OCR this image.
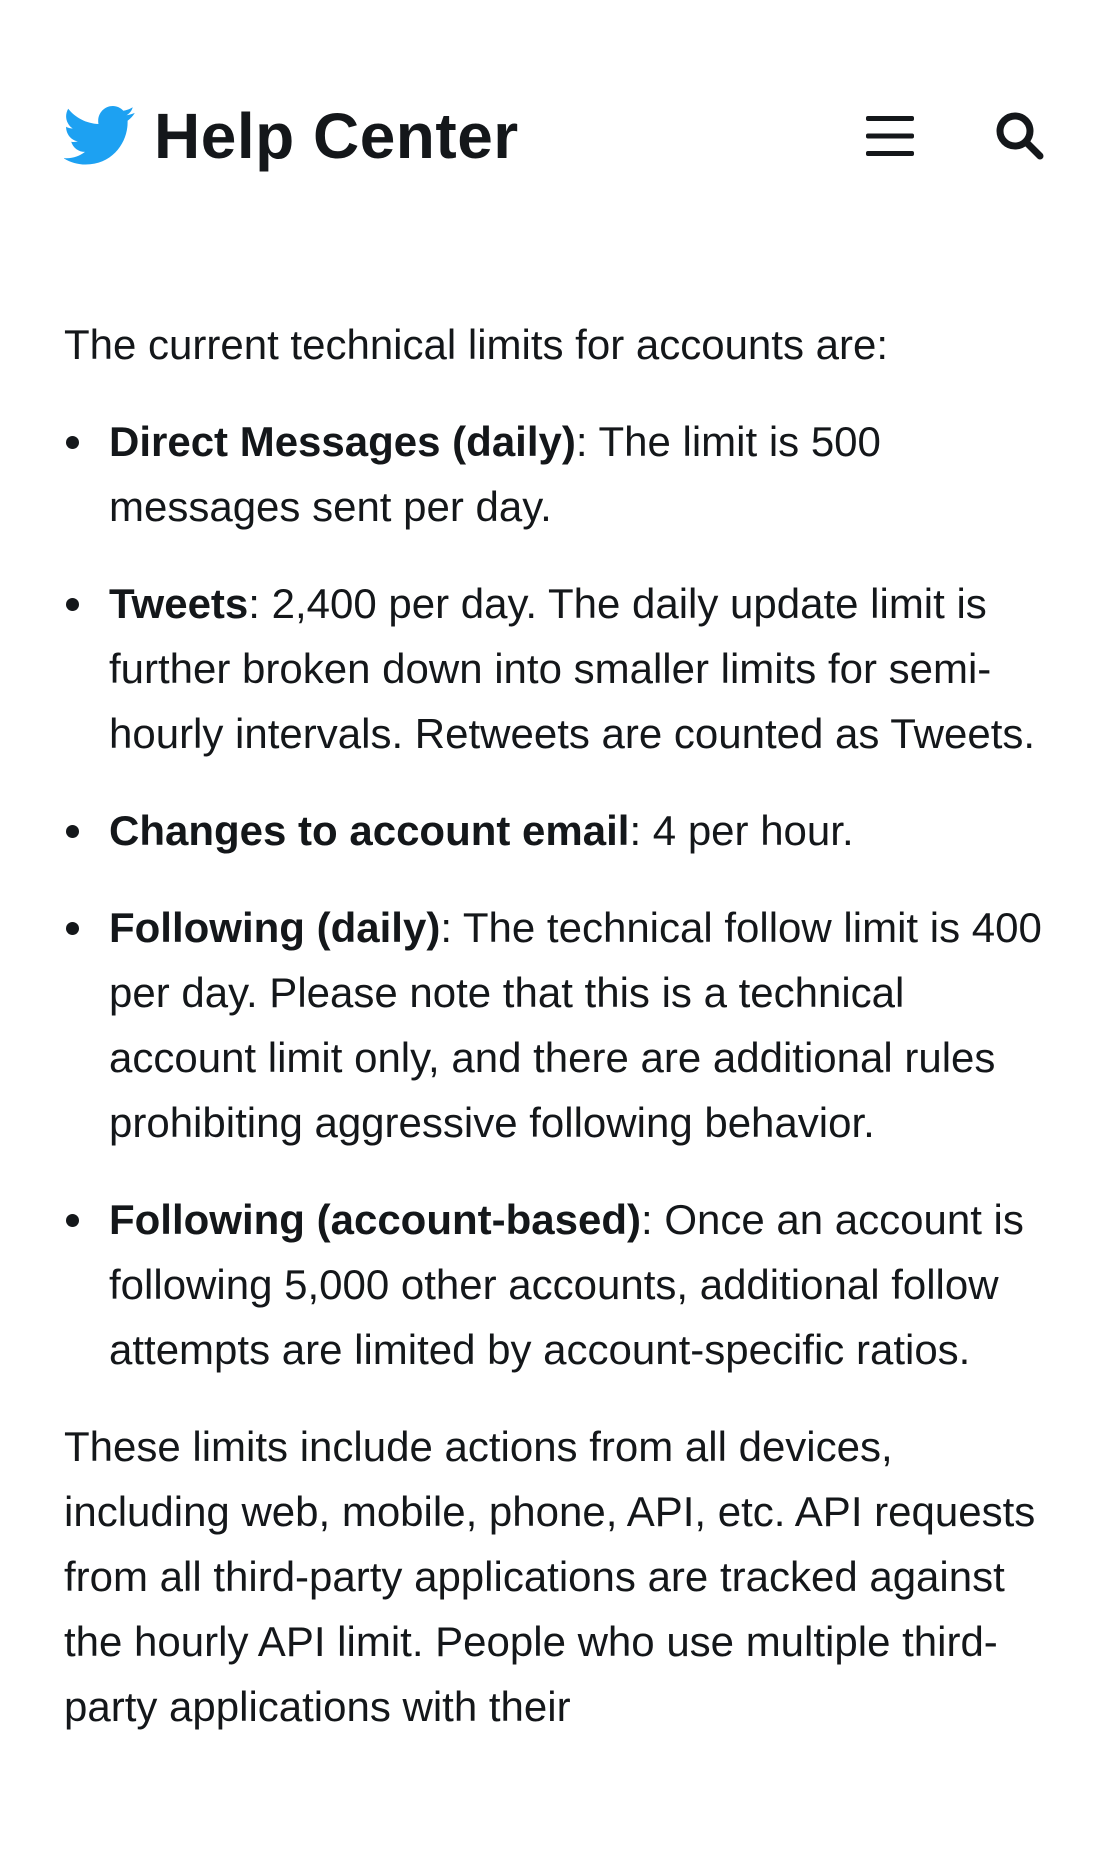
Help Center

The current technical limits for accounts are:

Direct Messages (daily): The limit is 500 messages sent per day.
Tweets: 2,400 per day. The daily update limit is further broken down into smaller limits for semi-hourly intervals. Retweets are counted as Tweets.
Changes to account email: 4 per hour.
Following (daily): The technical follow limit is 400 per day. Please note that this is a technical account limit only, and there are additional rules prohibiting aggressive following behavior.
Following (account-based): Once an account is following 5,000 other accounts, additional follow attempts are limited by account-specific ratios.

These limits include actions from all devices, including web, mobile, phone, API, etc. API requests from all third-party applications are tracked against the hourly API limit. People who use multiple third-party applications with their
